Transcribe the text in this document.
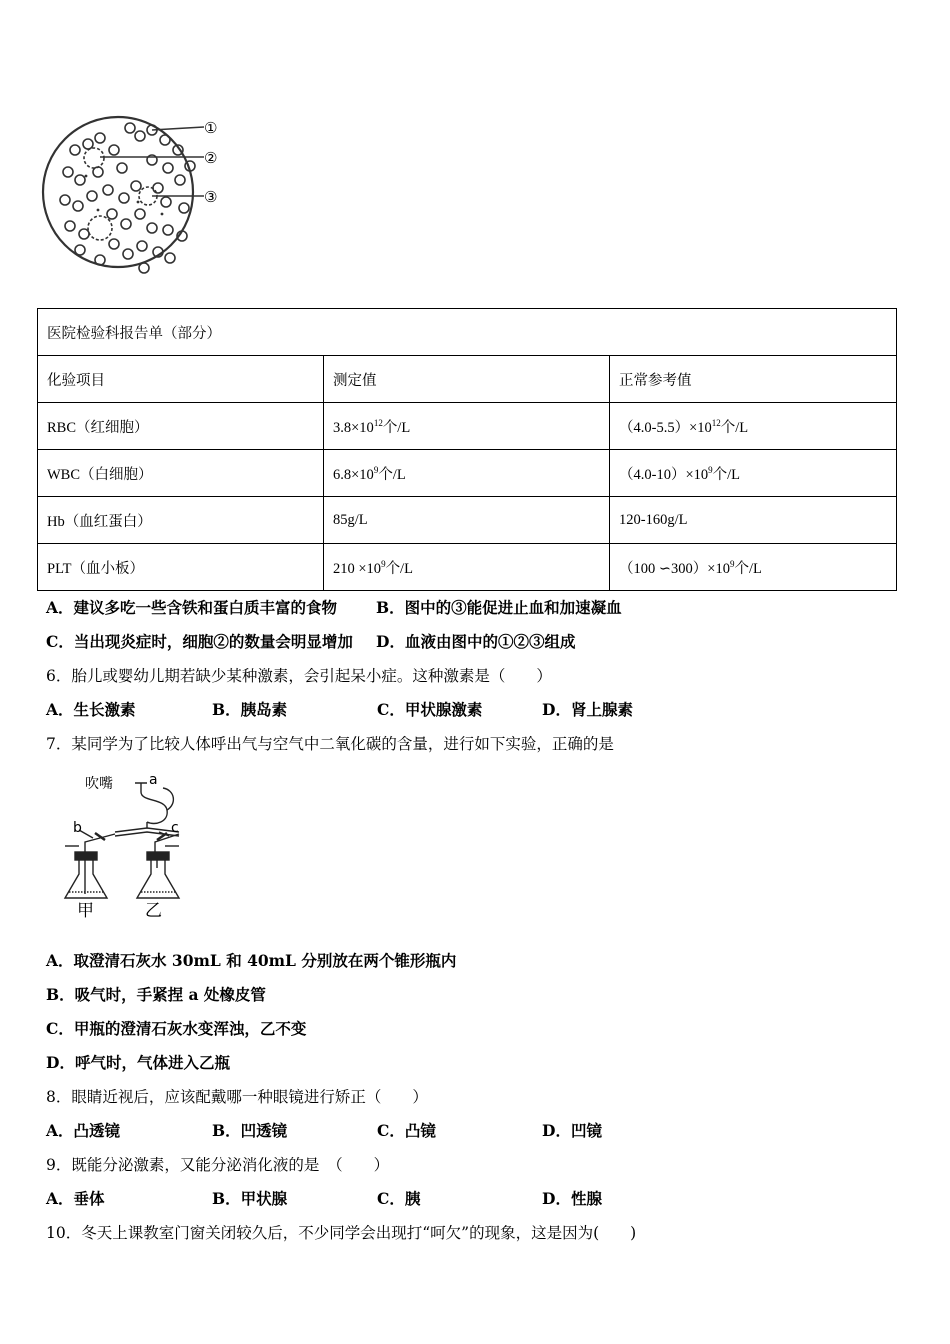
①
②
③
医院检验科报告单（部分）		
化验项目	测定值	正常参考值
RBC（红细胞）	$3.8\times 10^{12}$个/L	$(4.0-5.5)\times 10^{12}$个/L
WBC（白细胞）	$6.8\times 10^9$个/L	$(4.0-10)\times 10^9$个/L
Hb（血红蛋白）	85g/L	120-160g/L
PLT（血小板）	$210 \times 10^9$个/L	（100 $∽300)\times 10^9$个/L
A．建议多吃一些含铁和蛋白质丰富的食物	B．图中的③能促进止血和加速凝血
C．当出现炎症时，细胞②的数量会明显增加 D．血液由图中的①②③组成
6．胎儿或婴幼儿期若缺少某种激素，会引起呆小症。这种激素是（　　）
A．生长激素	B．胰岛素	C．甲状腺激素	D．肾上腺素
7．某同学为了比较人体呼出气与空气中二氧化碳的含量，进行如下实验，正确的是
吹嘴	a
b	c
甲	乙
A．取澄清石灰水 30mL 和 40mL 分别放在两个锥形瓶内
B．吸气时，手紧捏 a 处橡皮管
C．甲瓶的澄清石灰水变浑浊，乙不变
D．呼气时，气体进入乙瓶
8．眼睛近视后，应该配戴哪一种眼镜进行矫正（　　）
A．凸透镜	B．凹透镜	C．凸镜	D．凹镜
9．既能分泌激素，又能分泌消化液的是　（　　）
A．垂体	B．甲状腺	C．胰	D．性腺
10．冬天上课教室门窗关闭较久后，不少同学会出现打“呵欠”的现象，这是因为(　　)
